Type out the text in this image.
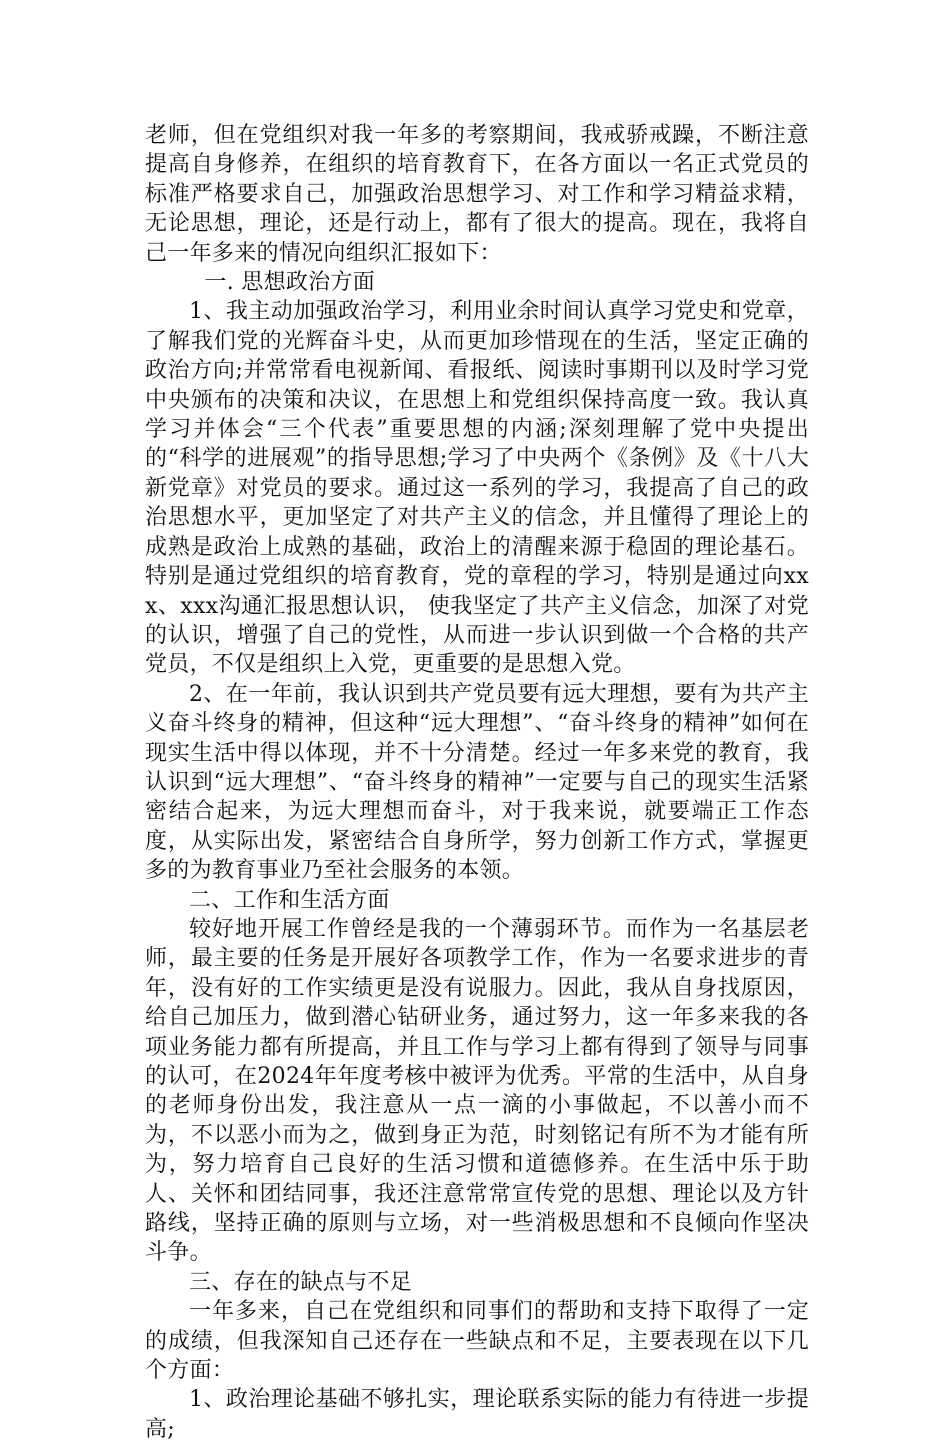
老师，但在党组织对我一年多的考察期间，我戒骄戒躁，不断注意提高自身修养，在组织的培育教育下，在各方面以一名正式党员的标准严格要求自己，加强政治思想学习、对工作和学习精益求精，无论思想，理论，还是行动上，都有了很大的提高。现在，我将自己一年多来的情况向组织汇报如下：

一. 思想政治方面

1、我主动加强政治学习，利用业余时间认真学习党史和党章，了解我们党的光辉奋斗史，从而更加珍惜现在的生活，坚定正确的政治方向;并常常看电视新闻、看报纸、阅读时事期刊以及时学习党中央颁布的决策和决议，在思想上和党组织保持高度一致。我认真学习并体会“三个代表”重要思想的内涵;深刻理解了党中央提出的“科学的进展观”的指导思想;学习了中央两个《条例》及《十八大新党章》对党员的要求。通过这一系列的学习，我提高了自己的政治思想水平，更加坚定了对共产主义的信念，并且懂得了理论上的成熟是政治上成熟的基础，政治上的清醒来源于稳固的理论基石。特别是通过党组织的培育教育，党的章程的学习，特别是通过向xxx、xxx沟通汇报思想认识， 使我坚定了共产主义信念，加深了对党的认识，增强了自己的党性，从而进一步认识到做一个合格的共产党员，不仅是组织上入党，更重要的是思想入党。

2、在一年前，我认识到共产党员要有远大理想，要有为共产主义奋斗终身的精神，但这种“远大理想”、“奋斗终身的精神”如何在现实生活中得以体现，并不十分清楚。经过一年多来党的教育，我认识到“远大理想”、“奋斗终身的精神”一定要与自己的现实生活紧密结合起来，为远大理想而奋斗，对于我来说，就要端正工作态度，从实际出发，紧密结合自身所学，努力创新工作方式，掌握更多的为教育事业乃至社会服务的本领。

二、工作和生活方面

较好地开展工作曾经是我的一个薄弱环节。而作为一名基层老师，最主要的任务是开展好各项教学工作，作为一名要求进步的青年，没有好的工作实绩更是没有说服力。因此，我从自身找原因，给自己加压力，做到潜心钻研业务，通过努力，这一年多来我的各项业务能力都有所提高，并且工作与学习上都有得到了领导与同事的认可，在2024年年度考核中被评为优秀。平常的生活中，从自身的老师身份出发，我注意从一点一滴的小事做起，不以善小而不为，不以恶小而为之，做到身正为范，时刻铭记有所不为才能有所为，努力培育自己良好的生活习惯和道德修养。在生活中乐于助人、关怀和团结同事，我还注意常常宣传党的思想、理论以及方针路线，坚持正确的原则与立场，对一些消极思想和不良倾向作坚决斗争。

三、存在的缺点与不足

一年多来，自己在党组织和同事们的帮助和支持下取得了一定的成绩，但我深知自己还存在一些缺点和不足，主要表现在以下几个方面：

1、政治理论基础不够扎实，理论联系实际的能力有待进一步提高;
